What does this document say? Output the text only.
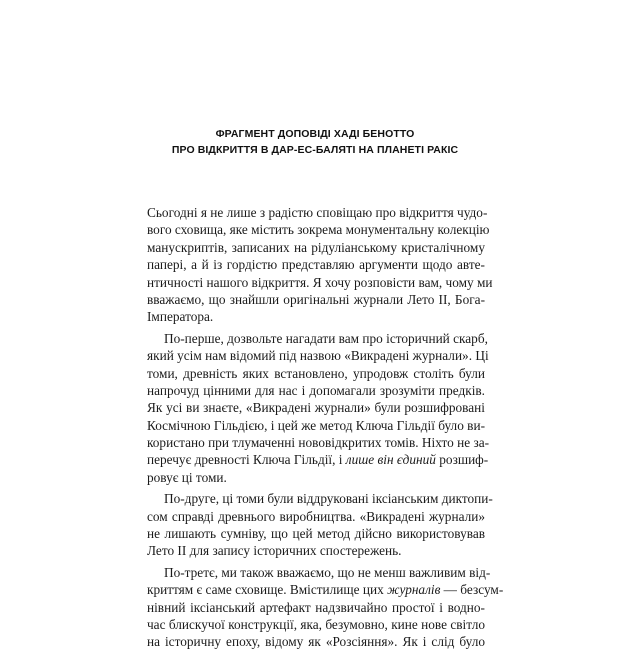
ФРАГМЕНТ ДОПОВІДІ ХАДІ БЕНОТТО
ПРО ВІДКРИТТЯ В ДАР-ЕС-БАЛЯТІ НА ПЛАНЕТІ РАКІС
Сьогодні я не лише з радістю сповіщаю про відкриття чудо-
вого сховища, яке містить зокрема монументальну колекцію
манускриптів, записаних на рідуліанському кристалічному
папері, а й із гордістю представляю аргументи щодо авте-
нтичності нашого відкриття. Я хочу розповісти вам, чому ми
вважаємо, що знайшли оригінальні журнали Лето ІІ, Бога-
Імператора.
По-перше, дозвольте нагадати вам про історичний скарб,
який усім нам відомий під назвою «Викрадені журнали». Ці
томи, древність яких встановлено, упродовж століть були
напрочуд цінними для нас і допомагали зрозуміти предків.
Як усі ви знаєте, «Викрадені журнали» були розшифровані
Космічною Гільдією, і цей же метод Ключа Гільдії було ви-
користано при тлумаченні нововідкритих томів. Ніхто не за-
перечує древності Ключа Гільдії, і лише він єдиний розшиф-
ровує ці томи.
По-друге, ці томи були віддруковані іксіанським диктопи-
сом справді древнього виробництва. «Викрадені журнали»
не лишають сумніву, що цей метод дійсно використовував
Лето ІІ для запису історичних спостережень.
По-третє, ми також вважаємо, що не менш важливим від-
криттям є саме сховище. Вмістилище цих журналів — безсум-
нівний іксіанський артефакт надзвичайно простої і водно-
час блискучої конструкції, яка, безумовно, кине нове світло
на історичну епоху, відому як «Розсіяння». Як і слід було
